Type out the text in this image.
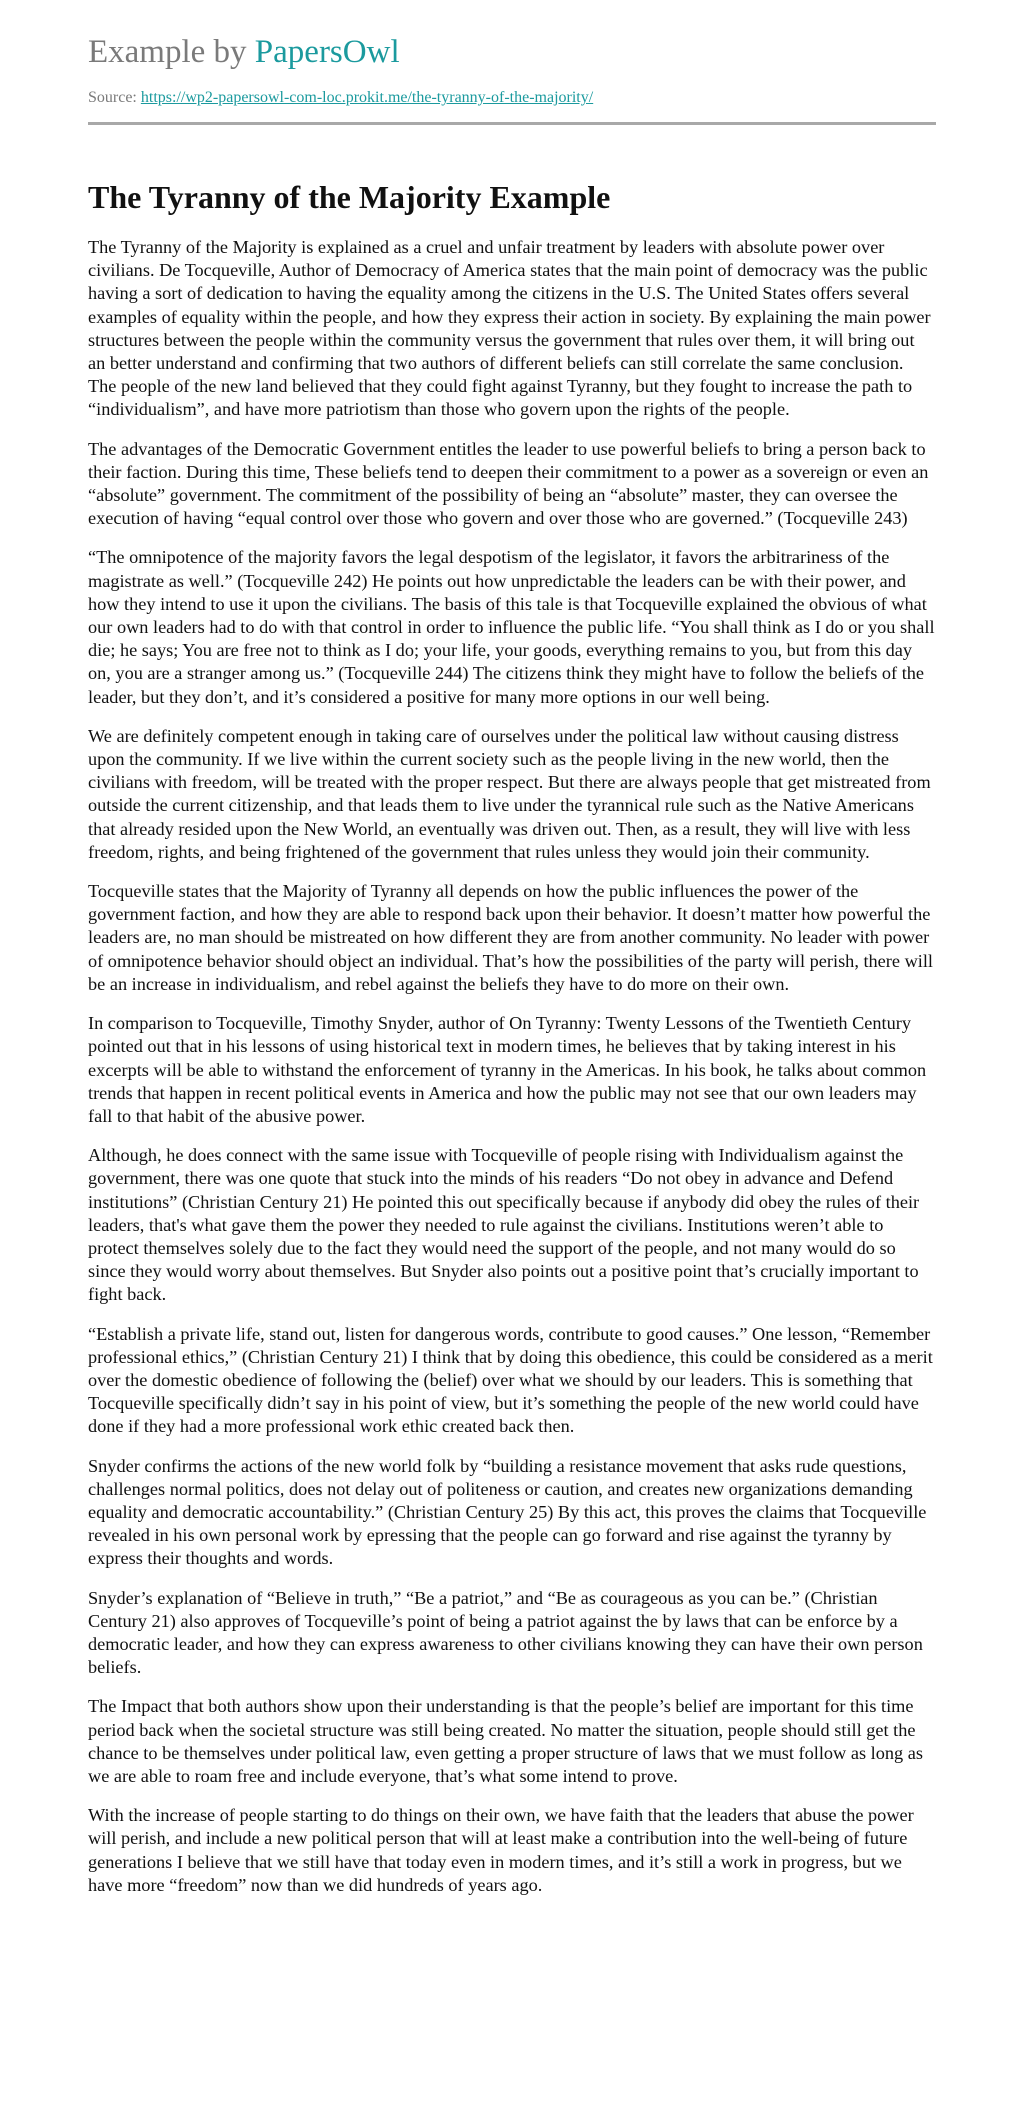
Example by PapersOwl
Source: https://wp2-papersowl-com-loc.prokit.me/the-tyranny-of-the-majority/
The Tyranny of the Majority Example

The Tyranny of the Majority is explained as a cruel and unfair treatment by leaders with absolute power over civilians. De Tocqueville, Author of Democracy of America states that the main point of democracy was the public having a sort of dedication to having the equality among the citizens in the U.S. The United States offers several examples of equality within the people, and how they express their action in society. By explaining the main power structures between the people within the community versus the government that rules over them, it will bring out an better understand and confirming that two authors of different beliefs can still correlate the same conclusion. The people of the new land believed that they could fight against Tyranny, but they fought to increase the path to “individualism”, and have more patriotism than those who govern upon the rights of the people.

The advantages of the Democratic Government entitles the leader to use powerful beliefs to bring a person back to their faction. During this time, These beliefs tend to deepen their commitment to a power as a sovereign or even an “absolute” government. The commitment of the possibility of being an “absolute” master, they can oversee the execution of having “equal control over those who govern and over those who are governed.” (Tocqueville 243)

“The omnipotence of the majority favors the legal despotism of the legislator, it favors the arbitrariness of the magistrate as well.” (Tocqueville 242) He points out how unpredictable the leaders can be with their power, and how they intend to use it upon the civilians. The basis of this tale is that Tocqueville explained the obvious of what our own leaders had to do with that control in order to influence the public life. “You shall think as I do or you shall die; he says; You are free not to think as I do; your life, your goods, everything remains to you, but from this day on, you are a stranger among us.” (Tocqueville 244) The citizens think they might have to follow the beliefs of the leader, but they don’t, and it’s considered a positive for many more options in our well being.

We are definitely competent enough in taking care of ourselves under the political law without causing distress upon the community. If we live within the current society such as the people living in the new world, then the civilians with freedom, will be treated with the proper respect. But there are always people that get mistreated from outside the current citizenship, and that leads them to live under the tyrannical rule such as the Native Americans that already resided upon the New World, an eventually was driven out. Then, as a result, they will live with less freedom, rights, and being frightened of the government that rules unless they would join their community.

Tocqueville states that the Majority of Tyranny all depends on how the public influences the power of the government faction, and how they are able to respond back upon their behavior. It doesn’t matter how powerful the leaders are, no man should be mistreated on how different they are from another community. No leader with power of omnipotence behavior should object an individual. That’s how the possibilities of the party will perish, there will be an increase in individualism, and rebel against the beliefs they have to do more on their own.

In comparison to Tocqueville, Timothy Snyder, author of On Tyranny: Twenty Lessons of the Twentieth Century pointed out that in his lessons of using historical text in modern times, he believes that by taking interest in his excerpts will be able to withstand the enforcement of tyranny in the Americas. In his book, he talks about common trends that happen in recent political events in America and how the public may not see that our own leaders may fall to that habit of the abusive power.

Although, he does connect with the same issue with Tocqueville of people rising with Individualism against the government, there was one quote that stuck into the minds of his readers “Do not obey in advance and Defend institutions” (Christian Century 21) He pointed this out specifically because if anybody did obey the rules of their leaders, that's what gave them the power they needed to rule against the civilians. Institutions weren’t able to protect themselves solely due to the fact they would need the support of the people, and not many would do so since they would worry about themselves. But Snyder also points out a positive point that’s crucially important to fight back.

“Establish a private life, stand out, listen for dangerous words, contribute to good causes.” One lesson, “Remember professional ethics,” (Christian Century 21) I think that by doing this obedience, this could be considered as a merit over the domestic obedience of following the (belief) over what we should by our leaders. This is something that Tocqueville specifically didn’t say in his point of view, but it’s something the people of the new world could have done if they had a more professional work ethic created back then.

Snyder confirms the actions of the new world folk by “building a resistance movement that asks rude questions, challenges normal politics, does not delay out of politeness or caution, and creates new organizations demanding equality and democratic accountability.” (Christian Century 25) By this act, this proves the claims that Tocqueville revealed in his own personal work by epressing that the people can go forward and rise against the tyranny by express their thoughts and words.

Snyder’s explanation of “Believe in truth,” “Be a patriot,” and “Be as courageous as you can be.” (Christian Century 21) also approves of Tocqueville’s point of being a patriot against the by laws that can be enforce by a democratic leader, and how they can express awareness to other civilians knowing they can have their own person beliefs.

The Impact that both authors show upon their understanding is that the people’s belief are important for this time period back when the societal structure was still being created. No matter the situation, people should still get the chance to be themselves under political law, even getting a proper structure of laws that we must follow as long as we are able to roam free and include everyone, that’s what some intend to prove.

With the increase of people starting to do things on their own, we have faith that the leaders that abuse the power will perish, and include a new political person that will at least make a contribution into the well-being of future generations I believe that we still have that today even in modern times, and it’s still a work in progress, but we have more “freedom” now than we did hundreds of years ago.
